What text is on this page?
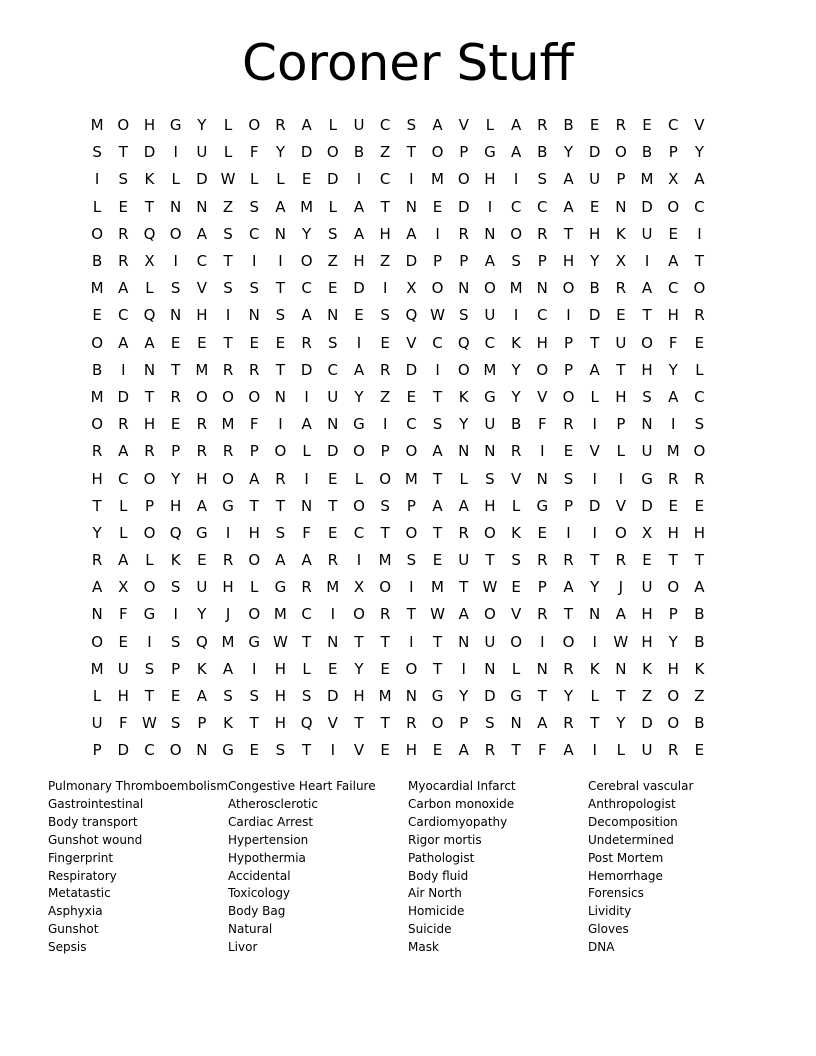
Coroner Stuff
M O H G	Y	L	O	R	A	L	U	C	S	A	V	L	A	R	B	E	R	E	C	V
S	T	D	I	U	L	F	Y	D O	B	Z	T	O	P	G	A	B	Y	D O	B	P	Y
I	S	K	L	D W L	L	E	D	I	C	I	M O H	I	S	A	U	P	M X	A
L	E	T	N N	Z	S	A M	L	A	T	N	E	D	I	C	C	A	E	N D O	C
O	R	Q O	A	S	C	N	Y	S	A	H	A	I	R	N O	R	T	H	K	U	E	I
B	R	X	I	C	T	I	I	O	Z	H	Z	D	P	P	A	S	P	H	Y	X	I	A	T
M A	L	S	V	S	S	T	C	E	D	I	X	O N O M N O	B	R	A	C	O
E	C	Q N H	I	N	S	A	N	E	S	Q W S	U	I	C	I	D	E	T	H	R
O	A	A	E	E	T	E	E	R	S	I	E	V	C	Q	C	K	H	P	T	U O	F	E
B	I	N	T	M R	R	T	D	C	A	R	D	I	O M	Y	O	P	A	T	H	Y	L
M D	T	R	O O O N	I	U	Y	Z	E	T	K	G	Y	V	O	L	H	S	A	C
O	R	H	E	R M	F	I	A	N G	I	C	S	Y	U	B	F	R	I	P	N	I	S
R	A	R	P	R	R	P	O	L	D O	P	O	A	N N	R	I	E	V	L	U M O
H	C	O	Y	H O	A	R	I	E	L	O M	T	L	S	V	N	S	I	I	G	R	R
T	L	P	H	A	G	T	T	N	T	O	S	P	A	A	H	L	G	P	D	V	D	E	E
Y	L	O Q G	I	H	S	F	E	C	T	O	T	R	O	K	E	I	I	O	X	H H
R	A	L	K	E	R	O	A	A	R	I	M S	E	U	T	S	R	R	T	R	E	T	T
A	X	O	S	U	H	L	G	R M X	O	I	M	T W E	P	A	Y	J	U O	A
N	F	G	I	Y	J	O M C	I	O	R	T W A	O	V	R	T	N	A	H	P	B
O	E	I	S	Q M G W T	N	T	T	I	T	N	U O	I	O	I	W H	Y	B
M U	S	P	K	A	I	H	L	E	Y	E	O	T	I	N	L	N	R	K	N	K	H	K
L	H	T	E	A	S	S	H	S	D H M N G	Y	D G	T	Y	L	T	Z	O	Z
U	F W S	P	K	T	H Q	V	T	T	R	O	P	S	N	A	R	T	Y	D O	B
P	D	C	O N G	E	S	T	I	V	E	H	E	A	R	T	F	A	I	L	U	R	E
Pulmonary Thromboembolism
Gastrointestinal
Body transport
Gunshot wound
Fingerprint
Respiratory
Metatastic
Asphyxia
Gunshot
Sepsis
Congestive Heart Failure
Atherosclerotic
Cardiac Arrest
Hypertension
Hypothermia
Accidental
Toxicology
Body Bag
Natural
Livor
Myocardial Infarct
Carbon monoxide
Cardiomyopathy
Rigor mortis
Pathologist
Body fluid
Air North
Homicide
Suicide
Mask
Cerebral vascular
Anthropologist
Decomposition
Undetermined
Post Mortem
Hemorrhage
Forensics
Lividity
Gloves
DNA
